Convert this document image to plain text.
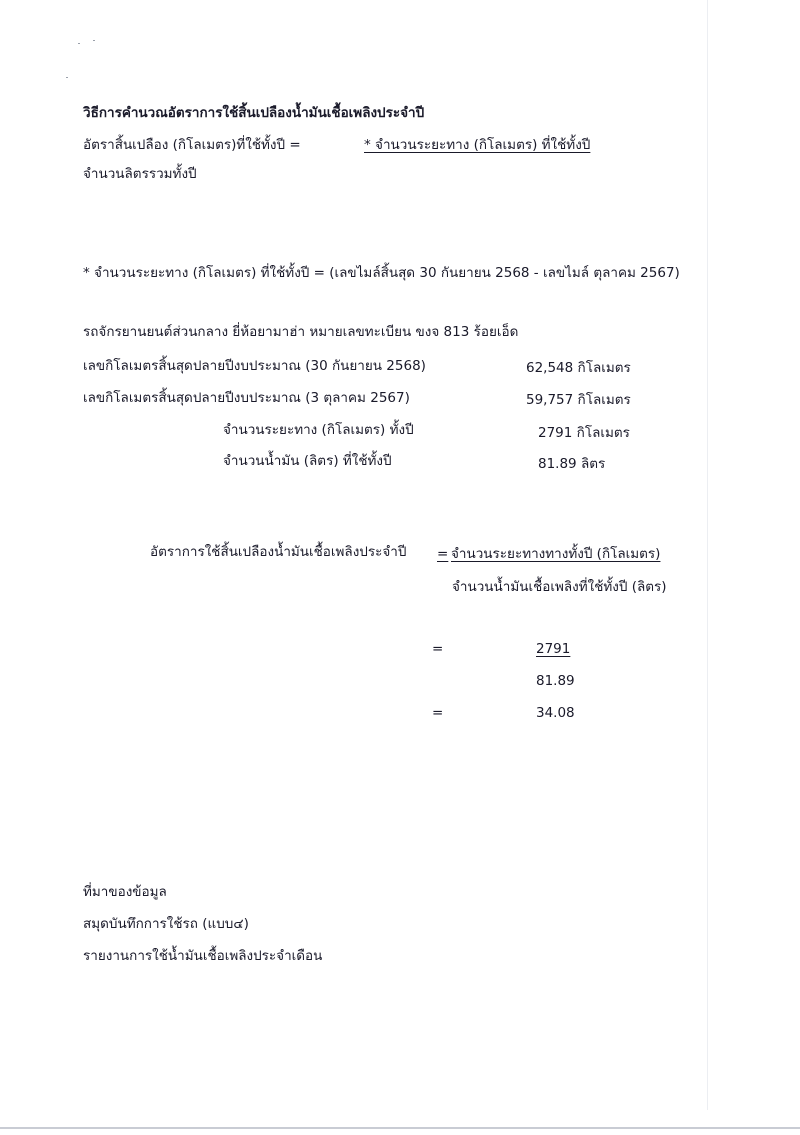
วิธีการคำนวณอัตราการใช้สิ้นเปลืองน้ำมันเชื้อเพลิงประจำปี
อัตราสิ้นเปลือง (กิโลเมตร)ที่ใช้ทั้งปี =	* จำนวนระยะทาง (กิโลเมตร) ที่ใช้ทั้งปี
จำนวนลิตรรวมทั้งปี
* จำนวนระยะทาง (กิโลเมตร) ที่ใช้ทั้งปี = (เลขไมล์สิ้นสุด 30 กันยายน 2568 - เลขไมล์ ตุลาคม 2567)
รถจักรยานยนต์ส่วนกลาง ยี่ห้อยามาฮ่า หมายเลขทะเบียน ขงจ 813 ร้อยเอ็ด
เลขกิโลเมตรสิ้นสุดปลายปีงบประมาณ (30 กันยายน 2568)	62,548 กิโลเมตร
เลขกิโลเมตรสิ้นสุดปลายปีงบประมาณ (3 ตุลาคม 2567)	59,757 กิโลเมตร
จำนวนระยะทาง (กิโลเมตร) ทั้งปี	2791 กิโลเมตร
จำนวนน้ำมัน (ลิตร) ที่ใช้ทั้งปี	81.89 ลิตร
อัตราการใช้สิ้นเปลืองน้ำมันเชื้อเพลิงประจำปี = จำนวนระยะทางทางทั้งปี (กิโลเมตร)
จำนวนน้ำมันเชื้อเพลิงที่ใช้ทั้งปี (ลิตร)
=	2791
81.89
=	34.08
ที่มาของข้อมูล
สมุดบันทึกการใช้รถ (แบบ๔)
รายงานการใช้น้ำมันเชื้อเพลิงประจำเดือน
